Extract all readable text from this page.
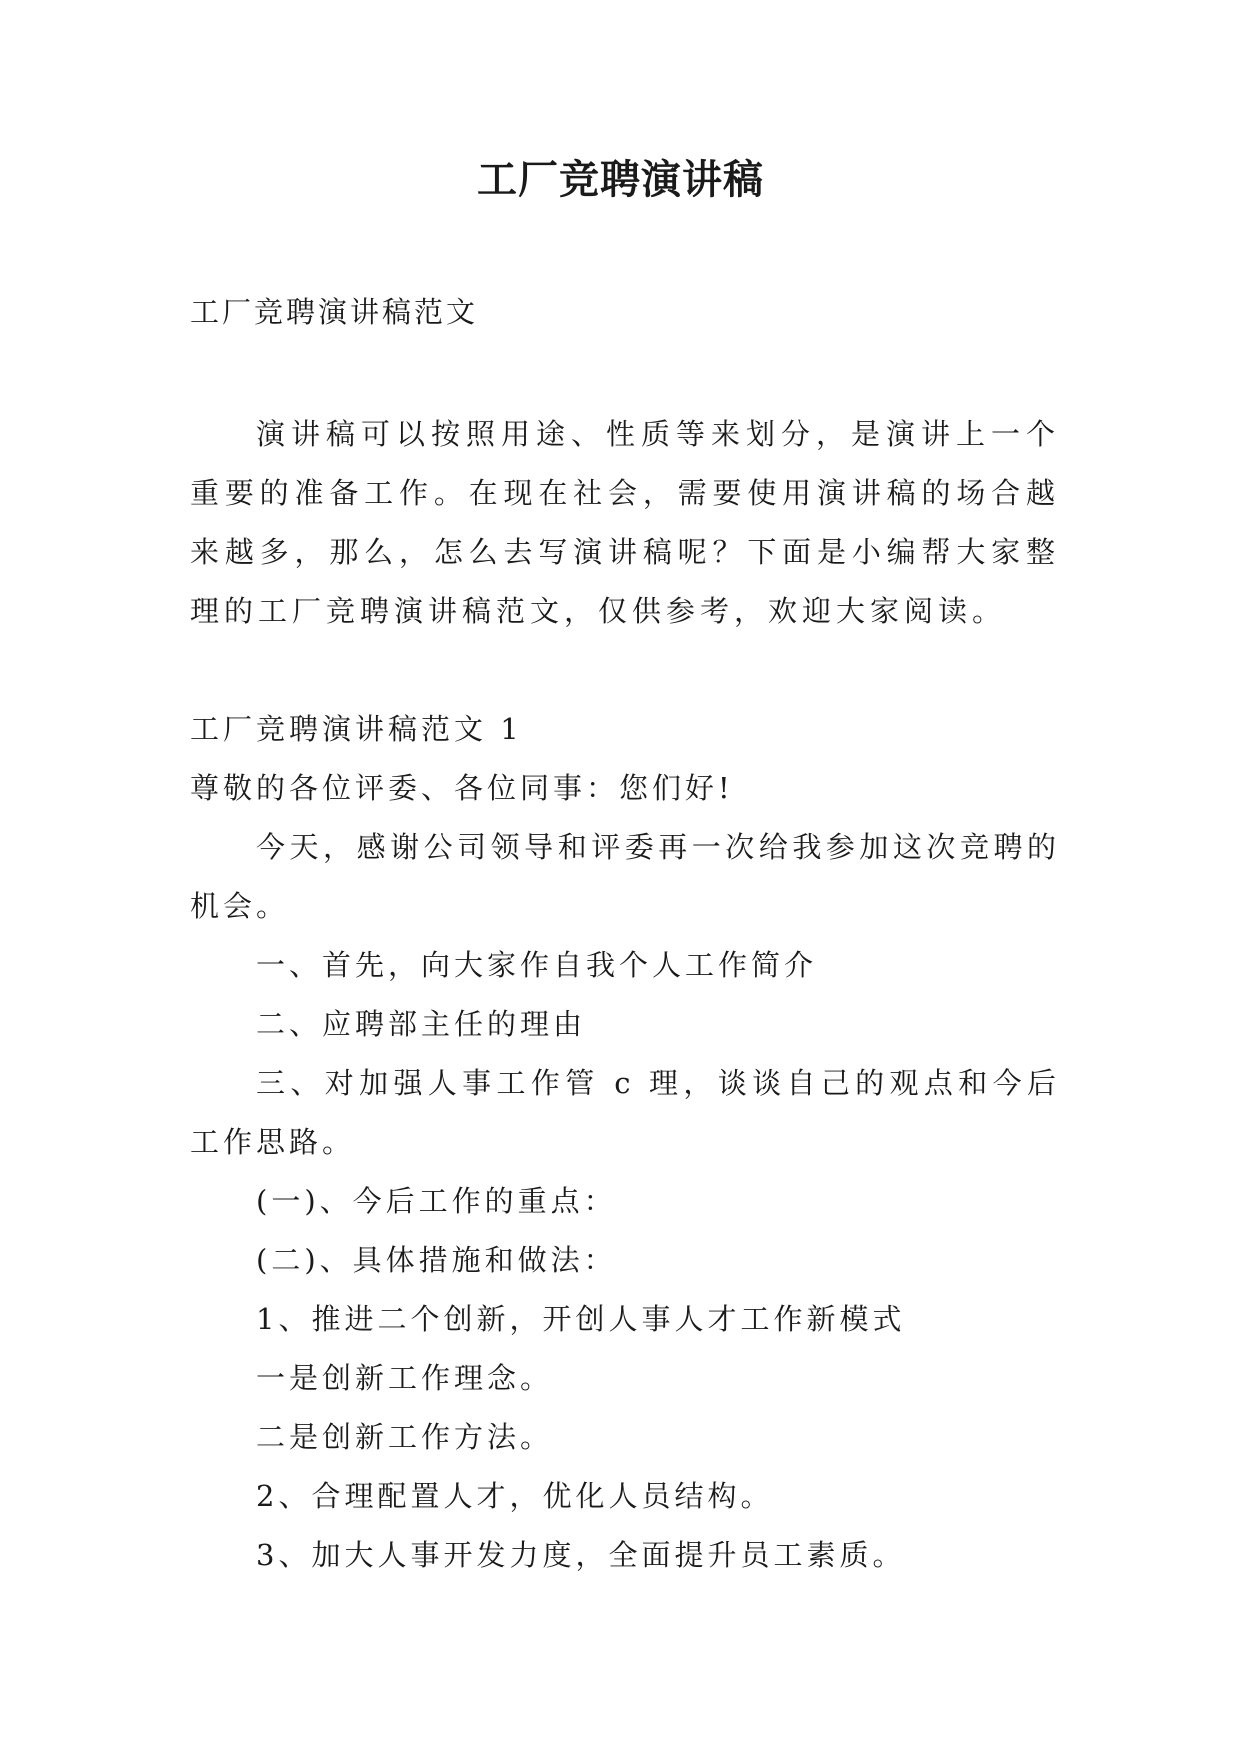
工厂竞聘演讲稿

工厂竞聘演讲稿范文

演讲稿可以按照用途、性质等来划分，是演讲上一个重要的准备工作。在现在社会，需要使用演讲稿的场合越来越多，那么，怎么去写演讲稿呢？下面是小编帮大家整理的工厂竞聘演讲稿范文，仅供参考，欢迎大家阅读。

工厂竞聘演讲稿范文 1

尊敬的各位评委、各位同事：您们好!

今天，感谢公司领导和评委再一次给我参加这次竞聘的机会。

一、首先，向大家作自我个人工作简介

二、应聘部主任的理由

三、对加强人事工作管 c 理，谈谈自己的观点和今后工作思路。

(一)、今后工作的重点：

(二)、具体措施和做法：

1、推进二个创新，开创人事人才工作新模式

一是创新工作理念。

二是创新工作方法。

2、合理配置人才，优化人员结构。

3、加大人事开发力度，全面提升员工素质。
